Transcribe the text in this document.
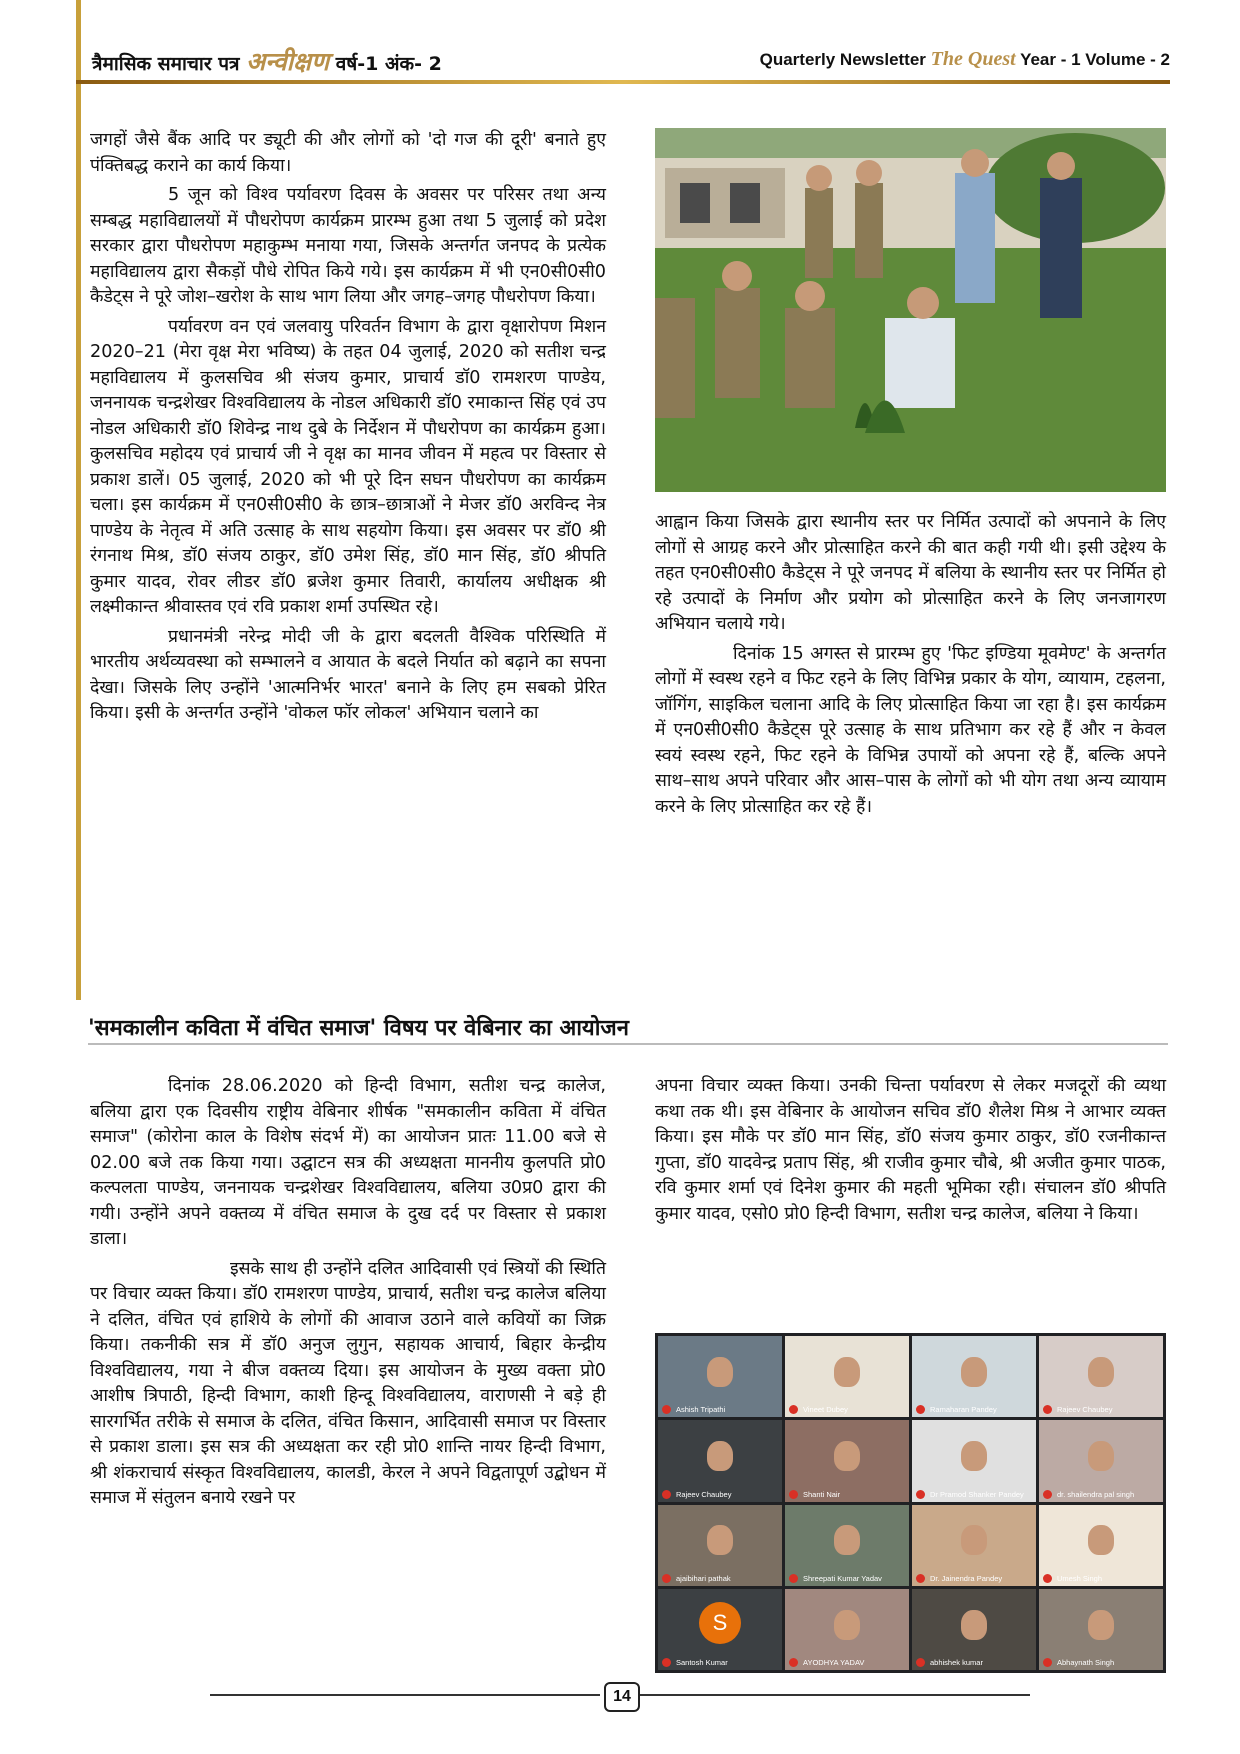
त्रैमासिक समाचार पत्र अन्वीक्षण वर्ष-1 अंक- 2	Quarterly Newsletter The Quest Year - 1 Volume - 2

जगहों जैसे बैंक आदि पर ड्यूटी की और लोगों को 'दो गज की दूरी' बनाते हुए पंक्तिबद्ध कराने का कार्य किया।

5 जून को विश्व पर्यावरण दिवस के अवसर पर परिसर तथा अन्य सम्बद्ध महाविद्यालयों में पौधरोपण कार्यक्रम प्रारम्भ हुआ तथा 5 जुलाई को प्रदेश सरकार द्वारा पौधरोपण महाकुम्भ मनाया गया, जिसके अन्तर्गत जनपद के प्रत्येक महाविद्यालय द्वारा सैकड़ों पौधे रोपित किये गये। इस कार्यक्रम में भी एन0सी0सी0 कैडेट्स ने पूरे जोश–खरोश के साथ भाग लिया और जगह–जगह पौधरोपण किया।

पर्यावरण वन एवं जलवायु परिवर्तन विभाग के द्वारा वृक्षारोपण मिशन 2020–21 (मेरा वृक्ष मेरा भविष्य) के तहत 04 जुलाई, 2020 को सतीश चन्द्र महाविद्यालय में कुलसचिव श्री संजय कुमार, प्राचार्य डॉ0 रामशरण पाण्डेय, जननायक चन्द्रशेखर विश्वविद्यालय के नोडल अधिकारी डॉ0 रमाकान्त सिंह एवं उप नोडल अधिकारी डॉ0 शिवेन्द्र नाथ दुबे के निर्देशन में पौधरोपण का कार्यक्रम हुआ। कुलसचिव महोदय एवं प्राचार्य जी ने वृक्ष का मानव जीवन में महत्व पर विस्तार से प्रकाश डालें। 05 जुलाई, 2020 को भी पूरे दिन सघन पौधरोपण का कार्यक्रम चला। इस कार्यक्रम में एन0सी0सी0 के छात्र–छात्राओं ने मेजर डॉ0 अरविन्द नेत्र पाण्डेय के नेतृत्व में अति उत्साह के साथ सहयोग किया। इस अवसर पर डॉ0 श्री रंगनाथ मिश्र, डॉ0 संजय ठाकुर, डॉ0 उमेश सिंह, डॉ0 मान सिंह, डॉ0 श्रीपति कुमार यादव, रोवर लीडर डॉ0 ब्रजेश कुमार तिवारी, कार्यालय अधीक्षक श्री लक्ष्मीकान्त श्रीवास्तव एवं रवि प्रकाश शर्मा उपस्थित रहे।

प्रधानमंत्री नरेन्द्र मोदी जी के द्वारा बदलती वैश्विक परिस्थिति में भारतीय अर्थव्यवस्था को सम्भालने व आयात के बदले निर्यात को बढ़ाने का सपना देखा। जिसके लिए उन्होंने 'आत्मनिर्भर भारत' बनाने के लिए हम सबको प्रेरित किया। इसी के अन्तर्गत उन्होंने 'वोकल फॉर लोकल' अभियान चलाने का

आह्वान किया जिसके द्वारा स्थानीय स्तर पर निर्मित उत्पादों को अपनाने के लिए लोगों से आग्रह करने और प्रोत्साहित करने की बात कही गयी थी। इसी उद्देश्य के तहत एन0सी0सी0 कैडेट्स ने पूरे जनपद में बलिया के स्थानीय स्तर पर निर्मित हो रहे उत्पादों के निर्माण और प्रयोग को प्रोत्साहित करने के लिए जनजागरण अभियान चलाये गये।

दिनांक 15 अगस्त से प्रारम्भ हुए 'फिट इण्डिया मूवमेण्ट' के अन्तर्गत लोगों में स्वस्थ रहने व फिट रहने के लिए विभिन्न प्रकार के योग, व्यायाम, टहलना, जॉगिंग, साइकिल चलाना आदि के लिए प्रोत्साहित किया जा रहा है। इस कार्यक्रम में एन0सी0सी0 कैडेट्स पूरे उत्साह के साथ प्रतिभाग कर रहे हैं और न केवल स्वयं स्वस्थ रहने, फिट रहने के विभिन्न उपायों को अपना रहे हैं, बल्कि अपने साथ–साथ अपने परिवार और आस–पास के लोगों को भी योग तथा अन्य व्यायाम करने के लिए प्रोत्साहित कर रहे हैं।

'समकालीन कविता में वंचित समाज' विषय पर वेबिनार का आयोजन

दिनांक 28.06.2020 को हिन्दी विभाग, सतीश चन्द्र कालेज, बलिया द्वारा एक दिवसीय राष्ट्रीय वेबिनार शीर्षक "समकालीन कविता में वंचित समाज" (कोरोना काल के विशेष संदर्भ में) का आयोजन प्रातः 11.00 बजे से 02.00 बजे तक किया गया। उद्घाटन सत्र की अध्यक्षता माननीय कुलपति प्रो0 कल्पलता पाण्डेय, जननायक चन्द्रशेखर विश्वविद्यालय, बलिया उ0प्र0 द्वारा की गयी। उन्होंने अपने वक्तव्य में वंचित समाज के दुख दर्द पर विस्तार से प्रकाश डाला।

इसके साथ ही उन्होंने दलित आदिवासी एवं स्त्रियों की स्थिति पर विचार व्यक्त किया। डॉ0 रामशरण पाण्डेय, प्राचार्य, सतीश चन्द्र कालेज बलिया ने दलित, वंचित एवं हाशिये के लोगों की आवाज उठाने वाले कवियों का जिक्र किया। तकनीकी सत्र में डॉ0 अनुज लुगुन, सहायक आचार्य, बिहार केन्द्रीय विश्वविद्यालय, गया ने बीज वक्तव्य दिया। इस आयोजन के मुख्य वक्ता प्रो0 आशीष त्रिपाठी, हिन्दी विभाग, काशी हिन्दू विश्वविद्यालय, वाराणसी ने बड़े ही सारगर्भित तरीके से समाज के दलित, वंचित किसान, आदिवासी समाज पर विस्तार से प्रकाश डाला। इस सत्र की अध्यक्षता कर रही प्रो0 शान्ति नायर हिन्दी विभाग, श्री शंकराचार्य संस्कृत विश्वविद्यालय, कालडी, केरल ने अपने विद्वतापूर्ण उद्बोधन में समाज में संतुलन बनाये रखने पर

अपना विचार व्यक्त किया। उनकी चिन्ता पर्यावरण से लेकर मजदूरों की व्यथा कथा तक थी। इस वेबिनार के आयोजन सचिव डॉ0 शैलेश मिश्र ने आभार व्यक्त किया। इस मौके पर डॉ0 मान सिंह, डॉ0 संजय कुमार ठाकुर, डॉ0 रजनीकान्त गुप्ता, डॉ0 यादवेन्द्र प्रताप सिंह, श्री राजीव कुमार चौबे, श्री अजीत कुमार पाठक, रवि कुमार शर्मा एवं दिनेश कुमार की महती भूमिका रही। संचालन डॉ0 श्रीपति कुमार यादव, एसो0 प्रो0 हिन्दी विभाग, सतीश चन्द्र कालेज, बलिया ने किया।

Ashish Tripathi	Vineet Dubey	Ramaharan Pandey	Rajeev Chaubey
Rajeev Chaubey	Shanti Nair	Dr Pramod Shanker Pandey	dr. shailendra pal singh
ajaibihari pathak	Shreepati Kumar Yadav	Dr. Jainendra Pandey	Umesh Singh
S
Santosh Kumar	AYODHYA YADAV	abhishek kumar	Abhaynath Singh
14
